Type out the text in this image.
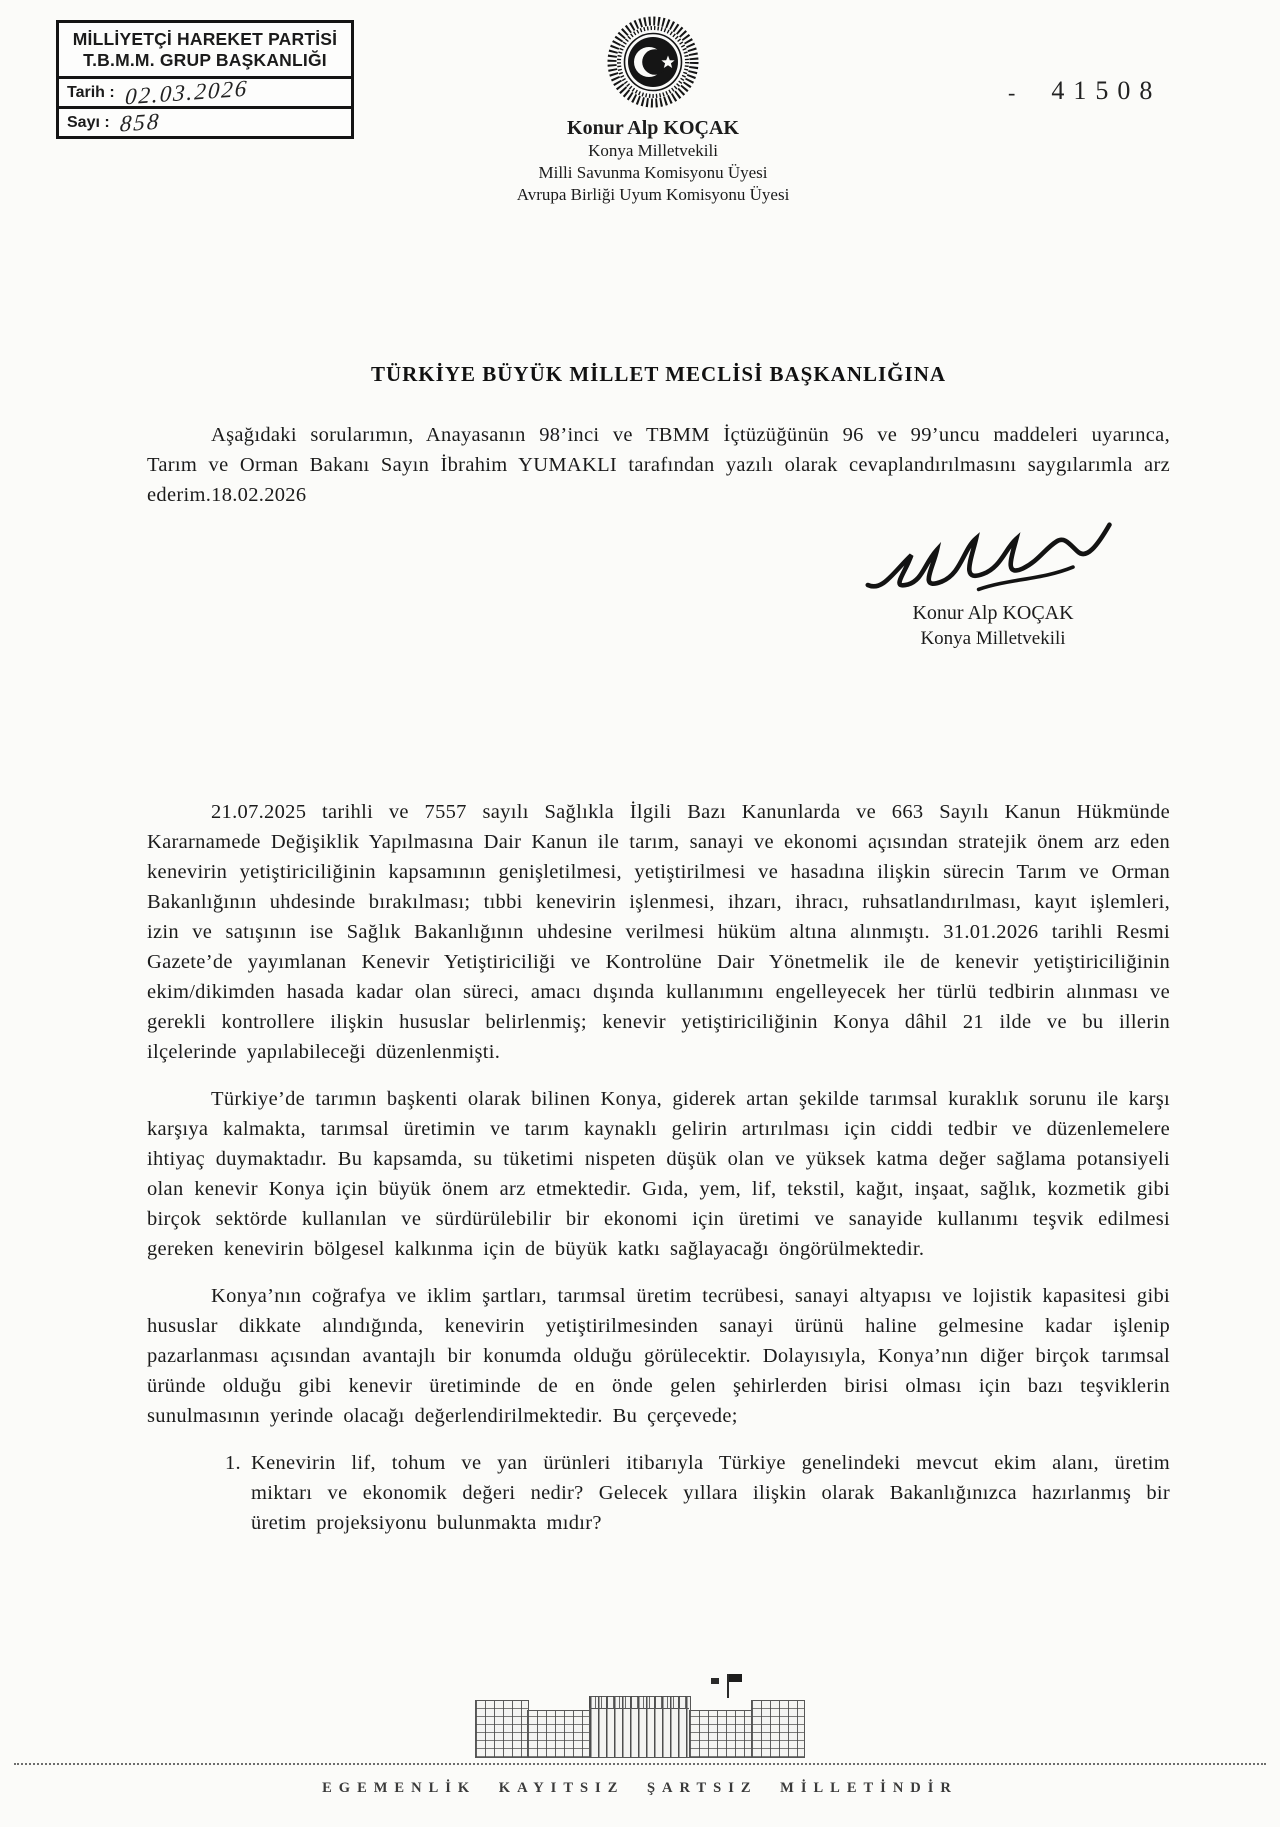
MİLLİYETÇİ HAREKET PARTİSİ
T.B.M.M. GRUP BAŞKANLIĞI
Tarih : 02.03.2026
Sayı : 858	Konur Alp KOÇAK
Konya Milletvekili
Milli Savunma Komisyonu Üyesi
Avrupa Birliği Uyum Komisyonu Üyesi
- 41508
TÜRKİYE BÜYÜK MİLLET MECLİSİ BAŞKANLIĞINA

Aşağıdaki sorularımın, Anayasanın 98’inci ve TBMM İçtüzüğünün 96 ve 99’uncu maddeleri uyarınca, Tarım ve Orman Bakanı Sayın İbrahim YUMAKLI tarafından yazılı olarak cevaplandırılmasını saygılarımla arz ederim.18.02.2026

Konur Alp KOÇAK
Konya Milletvekili

21.07.2025 tarihli ve 7557 sayılı Sağlıkla İlgili Bazı Kanunlarda ve 663 Sayılı Kanun Hükmünde Kararnamede Değişiklik Yapılmasına Dair Kanun ile tarım, sanayi ve ekonomi açısından stratejik önem arz eden kenevirin yetiştiriciliğinin kapsamının genişletilmesi, yetiştirilmesi ve hasadına ilişkin sürecin Tarım ve Orman Bakanlığının uhdesinde bırakılması; tıbbi kenevirin işlenmesi, ihzarı, ihracı, ruhsatlandırılması, kayıt işlemleri, izin ve satışının ise Sağlık Bakanlığının uhdesine verilmesi hüküm altına alınmıştı. 31.01.2026 tarihli Resmi Gazete’de yayımlanan Kenevir Yetiştiriciliği ve Kontrolüne Dair Yönetmelik ile de kenevir yetiştiriciliğinin ekim/dikimden hasada kadar olan süreci, amacı dışında kullanımını engelleyecek her türlü tedbirin alınması ve gerekli kontrollere ilişkin hususlar belirlenmiş; kenevir yetiştiriciliğinin Konya dâhil 21 ilde ve bu illerin ilçelerinde yapılabileceği düzenlenmişti.

Türkiye’de tarımın başkenti olarak bilinen Konya, giderek artan şekilde tarımsal kuraklık sorunu ile karşı karşıya kalmakta, tarımsal üretimin ve tarım kaynaklı gelirin artırılması için ciddi tedbir ve düzenlemelere ihtiyaç duymaktadır. Bu kapsamda, su tüketimi nispeten düşük olan ve yüksek katma değer sağlama potansiyeli olan kenevir Konya için büyük önem arz etmektedir. Gıda, yem, lif, tekstil, kağıt, inşaat, sağlık, kozmetik gibi birçok sektörde kullanılan ve sürdürülebilir bir ekonomi için üretimi ve sanayide kullanımı teşvik edilmesi gereken kenevirin bölgesel kalkınma için de büyük katkı sağlayacağı öngörülmektedir.

Konya’nın coğrafya ve iklim şartları, tarımsal üretim tecrübesi, sanayi altyapısı ve lojistik kapasitesi gibi hususlar dikkate alındığında, kenevirin yetiştirilmesinden sanayi ürünü haline gelmesine kadar işlenip pazarlanması açısından avantajlı bir konumda olduğu görülecektir. Dolayısıyla, Konya’nın diğer birçok tarımsal üründe olduğu gibi kenevir üretiminde de en önde gelen şehirlerden birisi olması için bazı teşviklerin sunulmasının yerinde olacağı değerlendirilmektedir. Bu çerçevede;

1. Kenevirin lif, tohum ve yan ürünleri itibarıyla Türkiye genelindeki mevcut ekim alanı, üretim miktarı ve ekonomik değeri nedir? Gelecek yıllara ilişkin olarak Bakanlığınızca hazırlanmış bir üretim projeksiyonu bulunmakta mıdır?
EGEMENLİK KAYITSIZ ŞARTSIZ MİLLETİNDİR
